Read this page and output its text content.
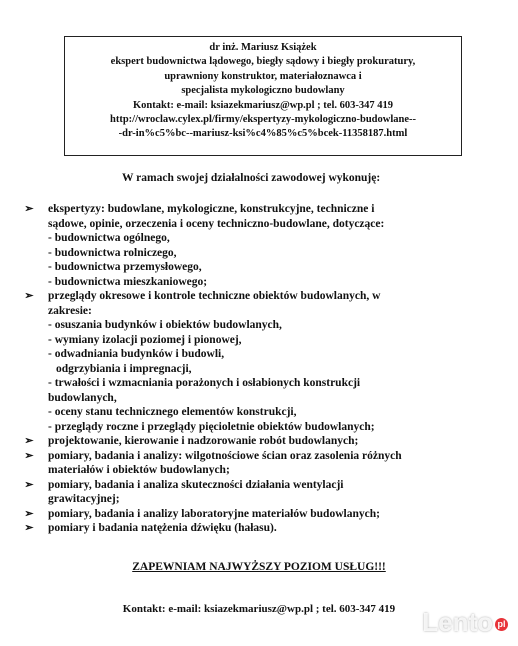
dr inż. Mariusz Książek
ekspert budownictwa lądowego, biegły sądowy i biegły prokuratury,
uprawniony konstruktor, materiałoznawca i
specjalista mykologiczno budowlany
Kontakt: e-mail: ksiazekmariusz@wp.pl ; tel. 603-347 419
http://wroclaw.cylex.pl/firmy/ekspertyzy-mykologiczno-budowlane--
-dr-in%c5%bc--mariusz-ksi%c4%85%c5%bcek-11358187.html
W ramach swojej działalności zawodowej wykonuję:
➢ ekspertyzy: budowlane, mykologiczne, konstrukcyjne, techniczne i
sądowe, opinie, orzeczenia i oceny techniczno-budowlane, dotyczące:
- budownictwa ogólnego,
- budownictwa rolniczego,
- budownictwa przemysłowego,
- budownictwa mieszkaniowego;
➢ przeglądy okresowe i kontrole techniczne obiektów budowlanych, w
zakresie:
- osuszania budynków i obiektów budowlanych,
- wymiany izolacji poziomej i pionowej,
- odwadniania budynków i budowli,
odgrzybiania i impregnacji,
- trwałości i wzmacniania porażonych i osłabionych konstrukcji
budowlanych,
- oceny stanu technicznego elementów konstrukcji,
- przeglądy roczne i przeglądy pięcioletnie obiektów budowlanych;
➢ projektowanie, kierowanie i nadzorowanie robót budowlanych;
➢ pomiary, badania i analizy: wilgotnościowe ścian oraz zasolenia różnych
materiałów i obiektów budowlanych;
➢ pomiary, badania i analiza skuteczności działania wentylacji
grawitacyjnej;
➢ pomiary, badania i analizy laboratoryjne materiałów budowlanych;
➢ pomiary i badania natężenia dźwięku (hałasu).
ZAPEWNIAM NAJWYŻSZY POZIOM USŁUG!!!
Kontakt: e-mail: ksiazekmariusz@wp.pl ; tel. 603-347 419	Lento pl
